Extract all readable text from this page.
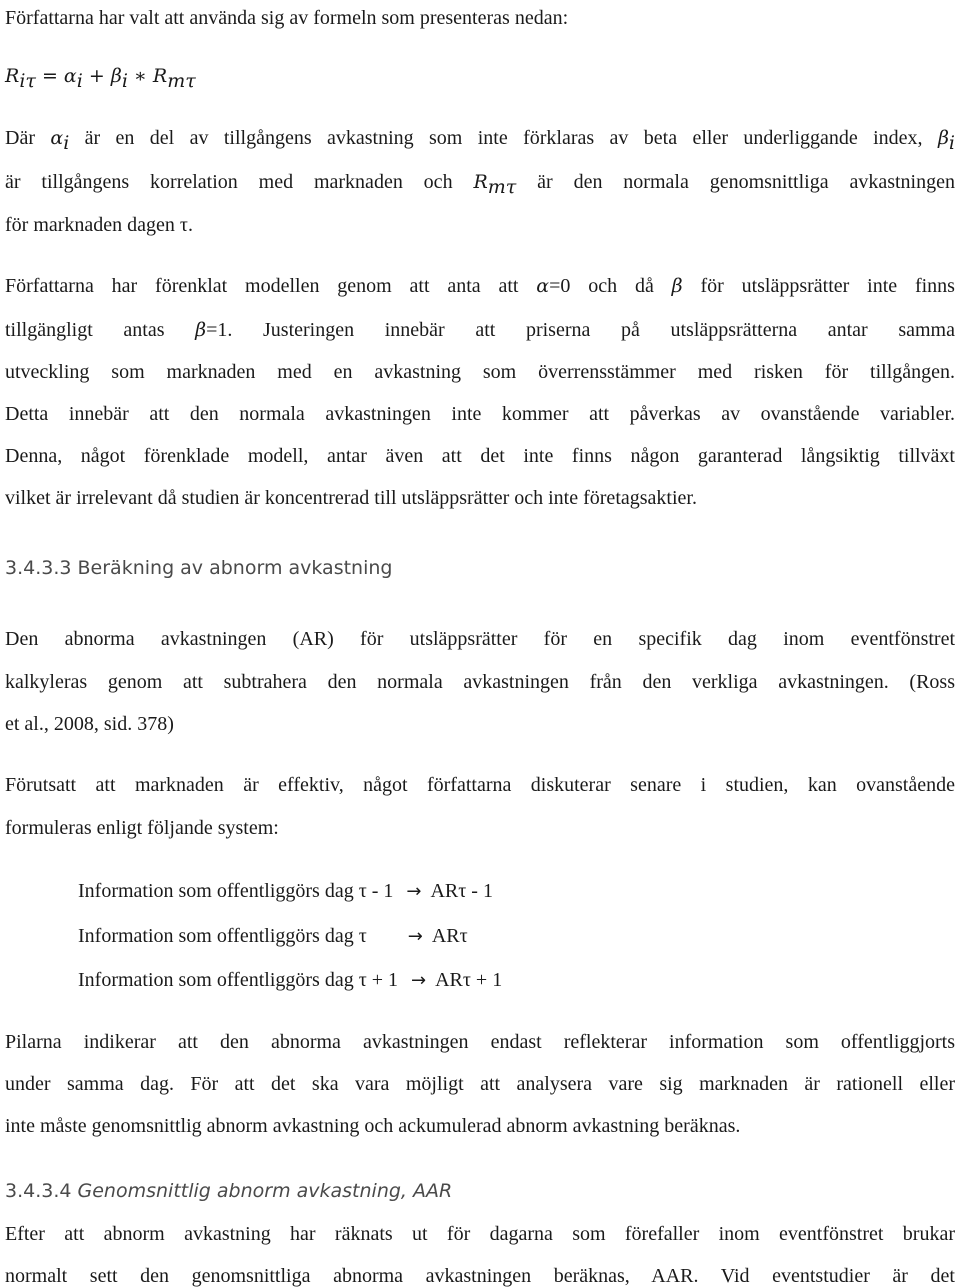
Författarna har valt att använda sig av formeln som presenteras nedan:
$R_{i\tau} = \alpha_i + \beta_i$ ∗ $R_{m\tau}$
Där $\alpha_i$ är en del av tillgångens avkastning som inte förklaras av beta eller underliggande index, $\beta_i$
är tillgångens korrelation med marknaden och $R_{m\tau}$ är den normala genomsnittliga avkastningen
för marknaden dagen τ.
Författarna har förenklat modellen genom att anta att α=0 och då β för utsläppsrätter inte finns
tillgängligt antas β=1. Justeringen innebär att priserna på utsläppsrätterna antar samma
utveckling som marknaden med en avkastning som överrensstämmer med risken för tillgången.
Detta innebär att den normala avkastningen inte kommer att påverkas av ovanstående variabler.
Denna, något förenklade modell, antar även att det inte finns någon garanterad långsiktig tillväxt
vilket är irrelevant då studien är koncentrerad till utsläppsrätter och inte företagsaktier.
3.4.3.3 Beräkning av abnorm avkastning
Den abnorma avkastningen (AR) för utsläppsrätter för en specifik dag inom eventfönstret
kalkyleras genom att subtrahera den normala avkastningen från den verkliga avkastningen. (Ross
et al., 2008, sid. 378)
Förutsatt att marknaden är effektiv, något författarna diskuterar senare i studien, kan ovanstående
formuleras enligt följande system:
Information som offentliggörs dag τ - 1 → ARτ - 1
Information som offentliggörs dag τ → ARτ
Information som offentliggörs dag τ + 1 → ARτ + 1
Pilarna indikerar att den abnorma avkastningen endast reflekterar information som offentliggjorts
under samma dag. För att det ska vara möjligt att analysera vare sig marknaden är rationell eller
inte måste genomsnittlig abnorm avkastning och ackumulerad abnorm avkastning beräknas.
3.4.3.4 Genomsnittlig abnorm avkastning, AAR
Efter att abnorm avkastning har räknats ut för dagarna som förefaller inom eventfönstret brukar
normalt sett den genomsnittliga abnorma avkastningen beräknas, AAR. Vid eventstudier är det
